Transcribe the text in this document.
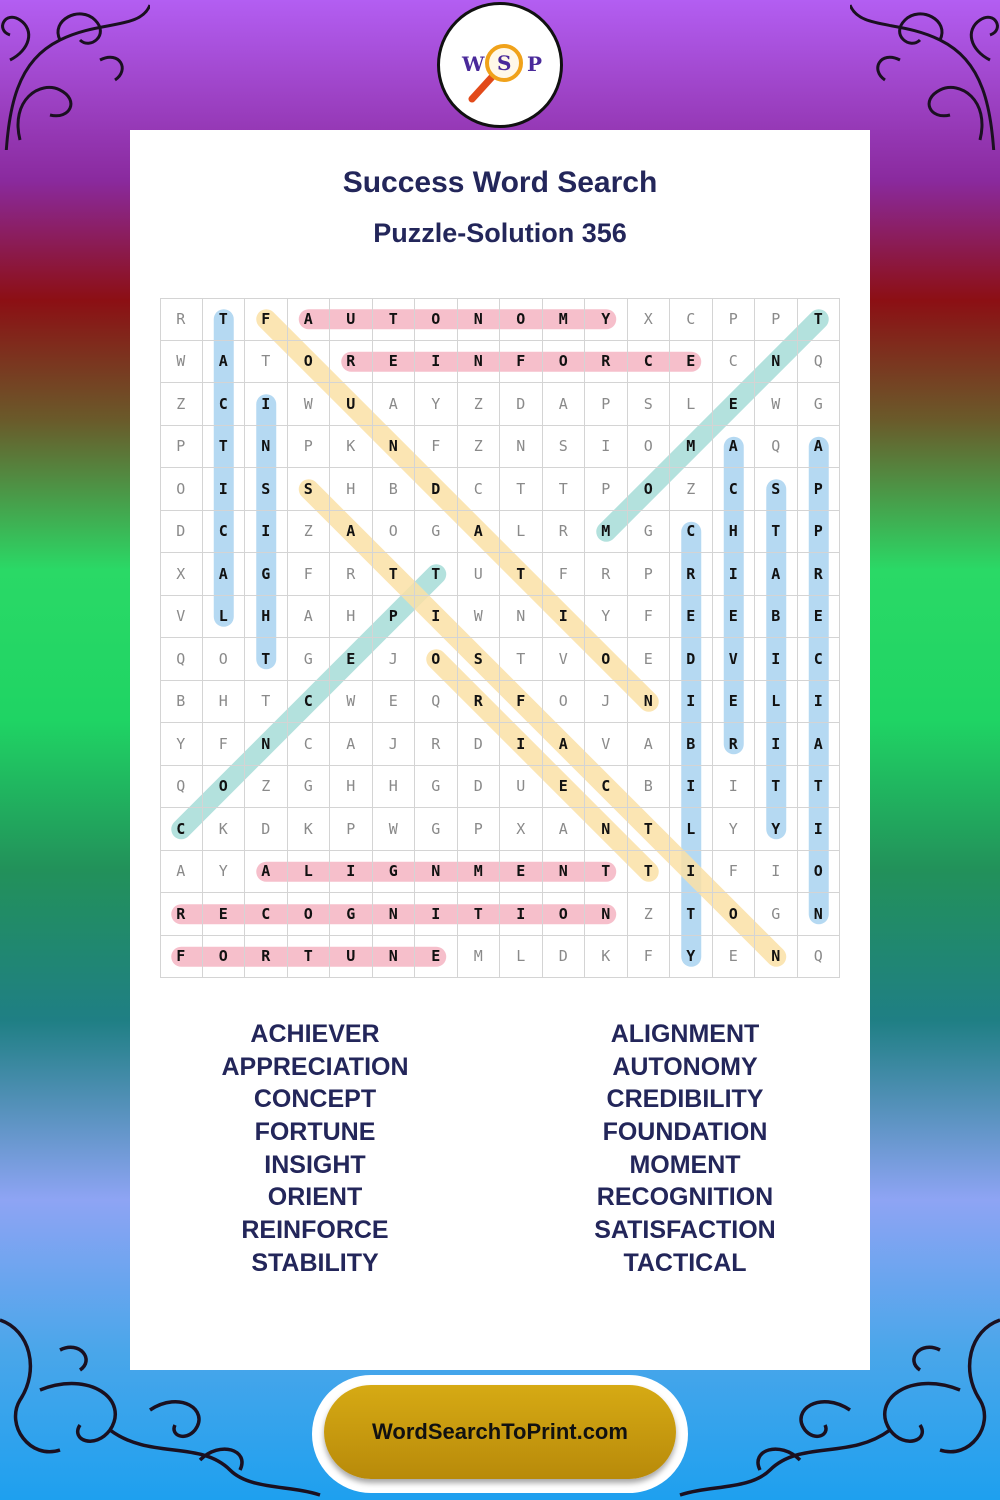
W S P
Success Word Search
Puzzle-Solution 356
R	T	F	A	U	T	O	N	O	M	Y	X	C	P	P	T
W	A	T	O	R	E	I	N	F	O	R	C	E	C	N	Q
Z	C	I	W	U	A	Y	Z	D	A	P	S	L	E	W	G
P	T	N	P	K	N	F	Z	N	S	I	O	M	A	Q	A
O	I	S	S	H	B	D	C	T	T	P	O	Z	C	S	P
D	C	I	Z	A	O	G	A	L	R	M	G	C	H	T	P
X	A	G	F	R	T	T	U	T	F	R	P	R	I	A	R
V	L	H	A	H	P	I	W	N	I	Y	F	E	E	B	E
Q	O	T	G	E	J	O	S	T	V	O	E	D	V	I	C
B	H	T	C	W	E	Q	R	F	O	J	N	I	E	L	I
Y	F	N	C	A	J	R	D	I	A	V	A	B	R	I	A
Q	O	Z	G	H	H	G	D	U	E	C	B	I	I	T	T
C	K	D	K	P	W	G	P	X	A	N	T	L	Y	Y	I
A	Y	A	L	I	G	N	M	E	N	T	T	I	F	I	O
R	E	C	O	G	N	I	T	I	O	N	Z	T	O	G	N
F	O	R	T	U	N	E	M	L	D	K	F	Y	E	N	Q
ACHIEVER
APPRECIATION
CONCEPT
FORTUNE
INSIGHT
ORIENT
REINFORCE
STABILITY
ALIGNMENT
AUTONOMY
CREDIBILITY
FOUNDATION
MOMENT
RECOGNITION
SATISFACTION
TACTICAL
WordSearchToPrint.com
